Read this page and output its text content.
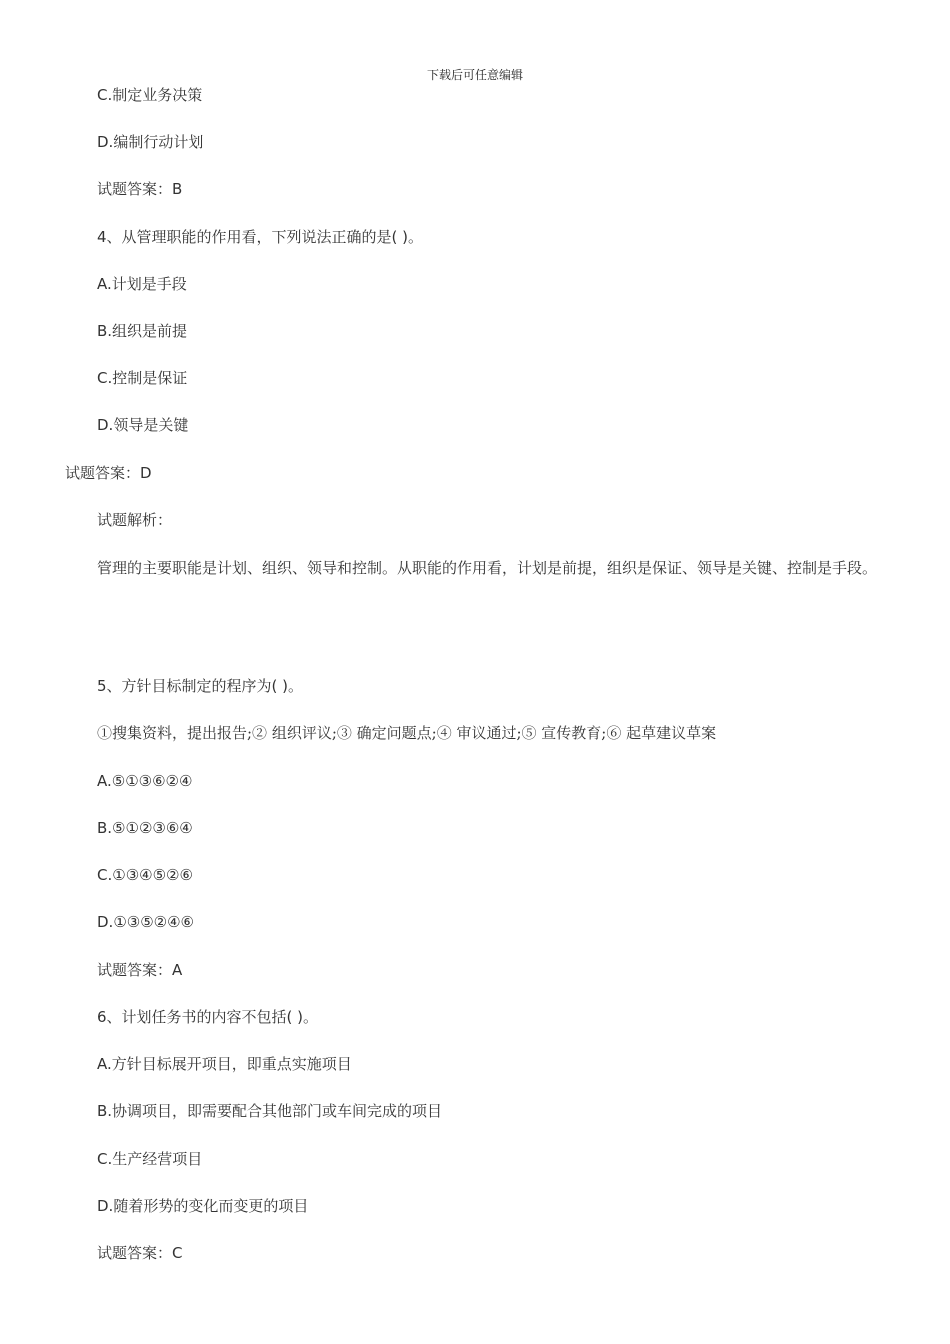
下载后可任意编辑
C.制定业务决策
D.编制行动计划
试题答案：B
4、从管理职能的作用看，下列说法正确的是( )。
A.计划是手段
B.组织是前提
C.控制是保证
D.领导是关键
试题答案：D
试题解析：
管理的主要职能是计划、组织、领导和控制。从职能的作用看，计划是前提，组织是保证、领导是关键、控制是手段。
5、方针目标制定的程序为( )。
①搜集资料，提出报告;② 组织评议;③ 确定问题点;④ 审议通过;⑤ 宣传教育;⑥ 起草建议草案
A.⑤①③⑥②④
B.⑤①②③⑥④
C.①③④⑤②⑥
D.①③⑤②④⑥
试题答案：A
6、计划任务书的内容不包括( )。
A.方针目标展开项目，即重点实施项目
B.协调项目，即需要配合其他部门或车间完成的项目
C.生产经营项目
D.随着形势的变化而变更的项目
试题答案：C
